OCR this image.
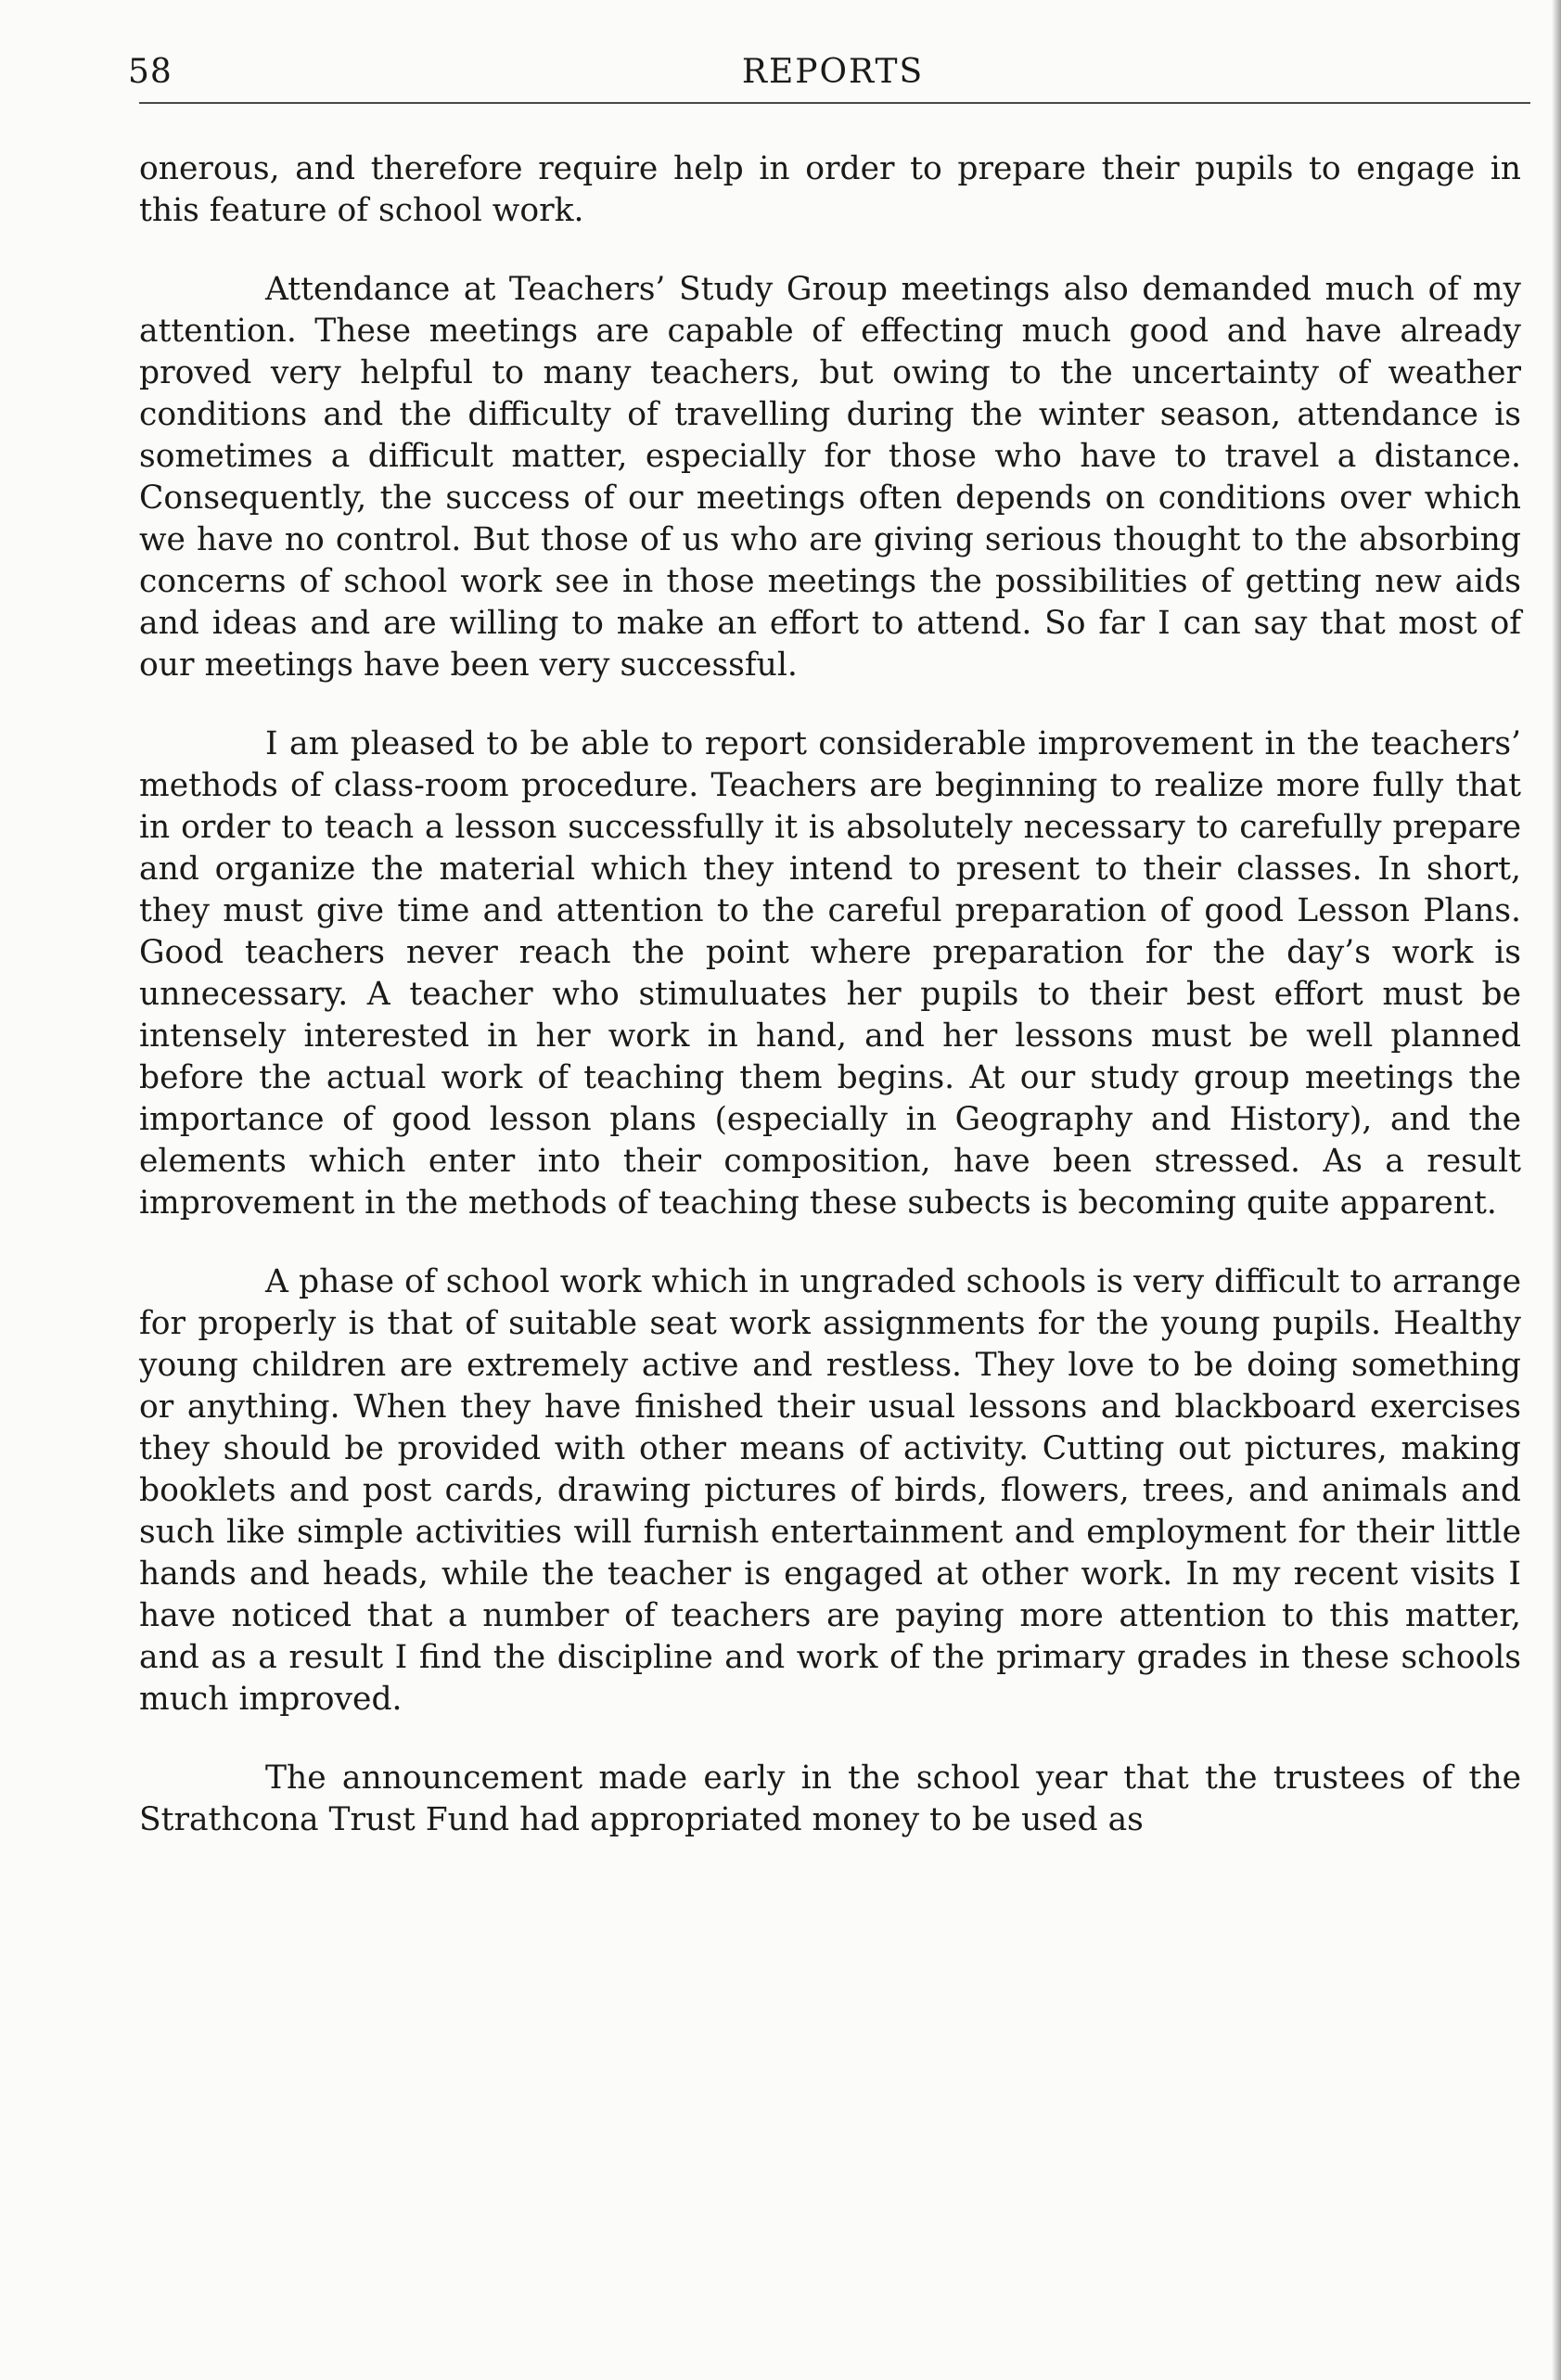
58	REPORTS

onerous, and therefore require help in order to prepare their pupils to engage in this feature of school work.

Attendance at Teachers’ Study Group meetings also demanded much of my attention. These meetings are capable of effecting much good and have already proved very helpful to many teachers, but owing to the uncertainty of weather conditions and the difficulty of travelling during the winter season, attendance is sometimes a difficult matter, especially for those who have to travel a distance. Consequently, the success of our meetings often depends on conditions over which we have no control. But those of us who are giving serious thought to the absorbing concerns of school work see in those meetings the possibilities of getting new aids and ideas and are willing to make an effort to attend. So far I can say that most of our meetings have been very successful.

I am pleased to be able to report considerable improvement in the teachers’ methods of class-room procedure. Teachers are beginning to realize more fully that in order to teach a lesson successfully it is absolutely necessary to carefully prepare and organize the material which they intend to present to their classes. In short, they must give time and attention to the careful preparation of good Lesson Plans. Good teachers never reach the point where preparation for the day’s work is unnecessary. A teacher who stimuluates her pupils to their best effort must be intensely interested in her work in hand, and her lessons must be well planned before the actual work of teaching them begins. At our study group meetings the importance of good lesson plans (especially in Geography and History), and the elements which enter into their composition, have been stressed. As a result improvement in the methods of teaching these subects is becoming quite apparent.

A phase of school work which in ungraded schools is very difficult to arrange for properly is that of suitable seat work assignments for the young pupils. Healthy young children are extremely active and restless. They love to be doing something or anything. When they have finished their usual lessons and blackboard exercises they should be provided with other means of activity. Cutting out pictures, making booklets and post cards, drawing pictures of birds, flowers, trees, and animals and such like simple activities will furnish entertainment and employment for their little hands and heads, while the teacher is engaged at other work. In my recent visits I have noticed that a number of teachers are paying more attention to this matter, and as a result I find the discipline and work of the primary grades in these schools much improved.

The announcement made early in the school year that the trustees of the Strathcona Trust Fund had appropriated money to be used as
